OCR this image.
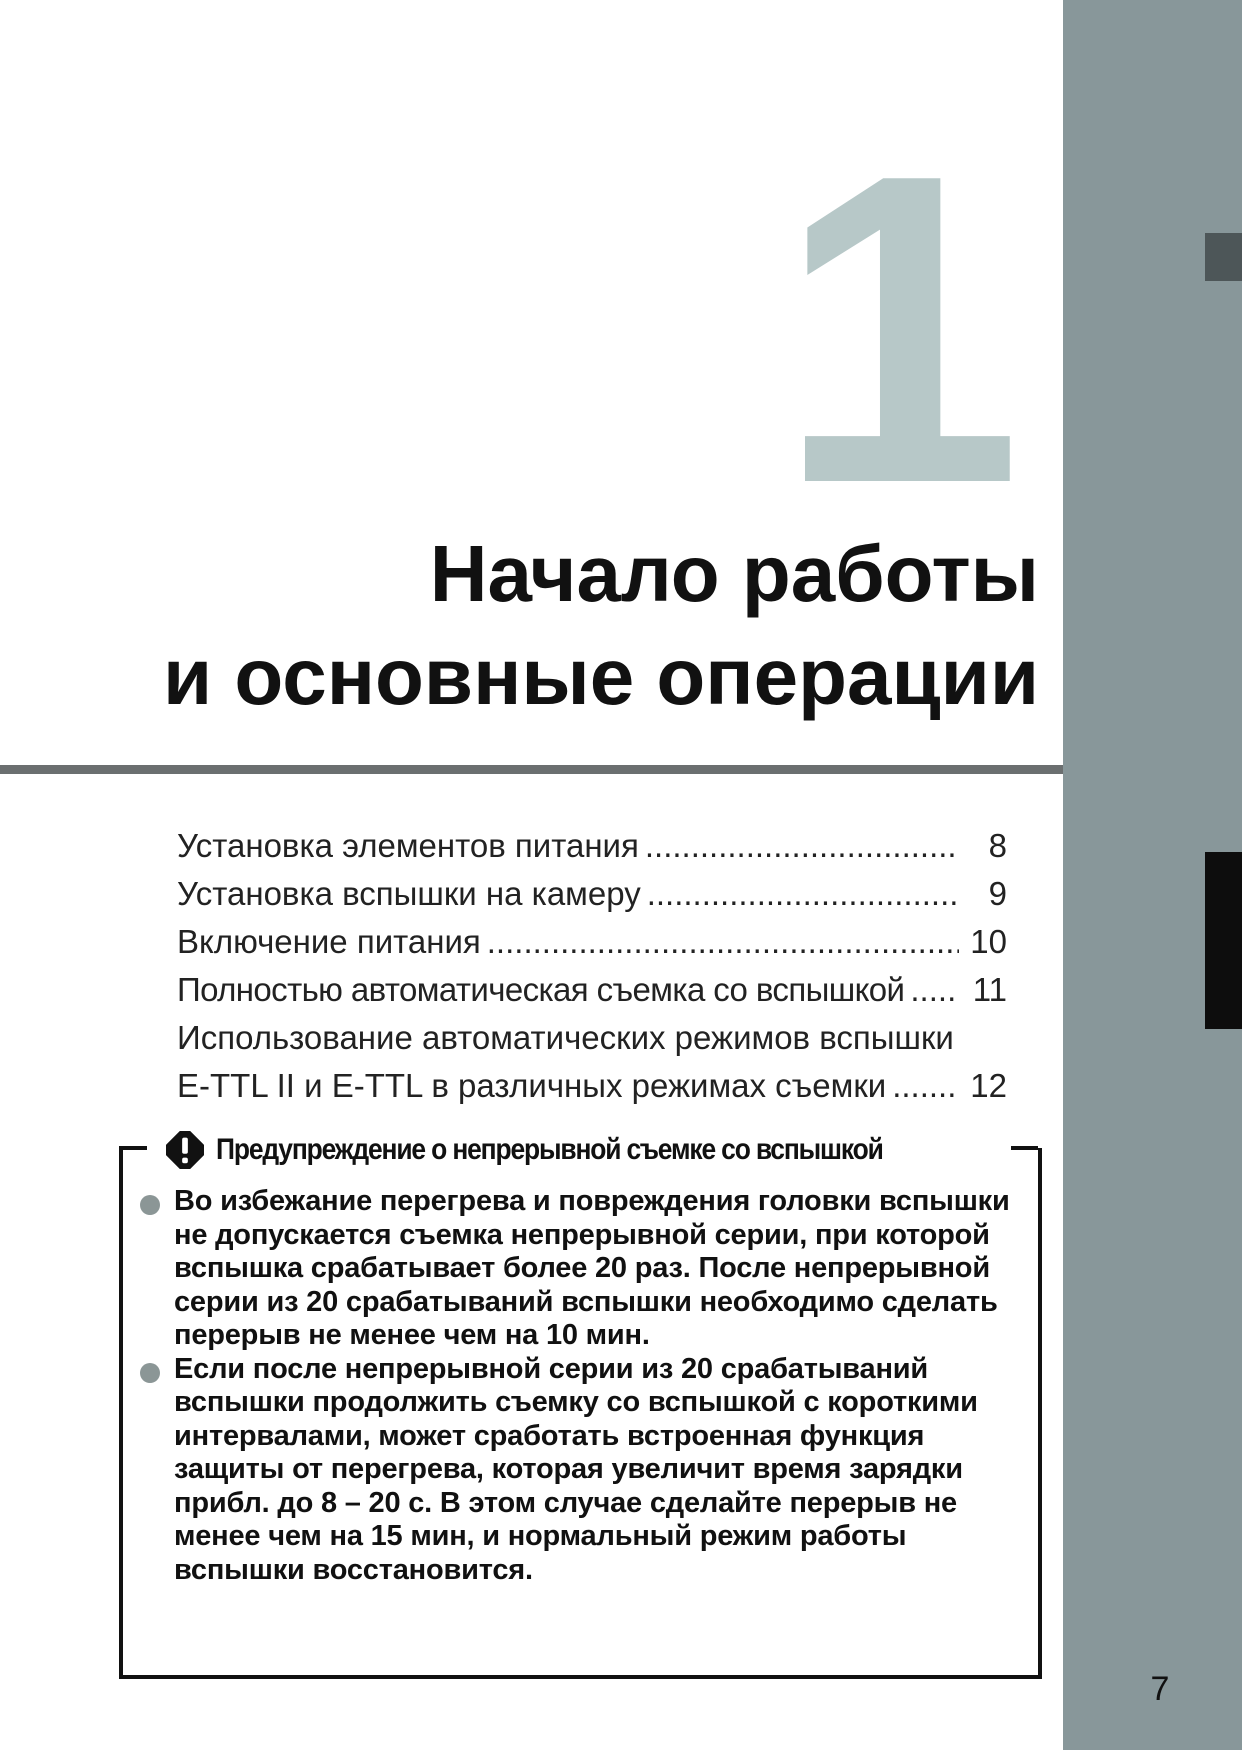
1
Начало работы
и основные операции
Установка элементов питания .....	8
Установка вспышки на камеру .....	9
Включение питания .....	10
Полностью автоматическая съемка со вспышкой ..... 11
Использование автоматических режимов вспышки
E-TTL II и E-TTL в различных режимах съемки .....	12
Предупреждение о непрерывной съемке со вспышкой
Во избежание перегрева и повреждения головки вспышки не допускается съемка непрерывной серии, при которой вспышка срабатывает более 20 раз. После непрерывной серии из 20 срабатываний вспышки необходимо сделать перерыв не менее чем на 10 мин.
Если после непрерывной серии из 20 срабатываний вспышки продолжить съемку со вспышкой с короткими интервалами, может сработать встроенная функция защиты от перегрева, которая увеличит время зарядки прибл. до 8 – 20 с. В этом случае сделайте перерыв не менее чем на 15 мин, и нормальный режим работы вспышки восстановится.
7
